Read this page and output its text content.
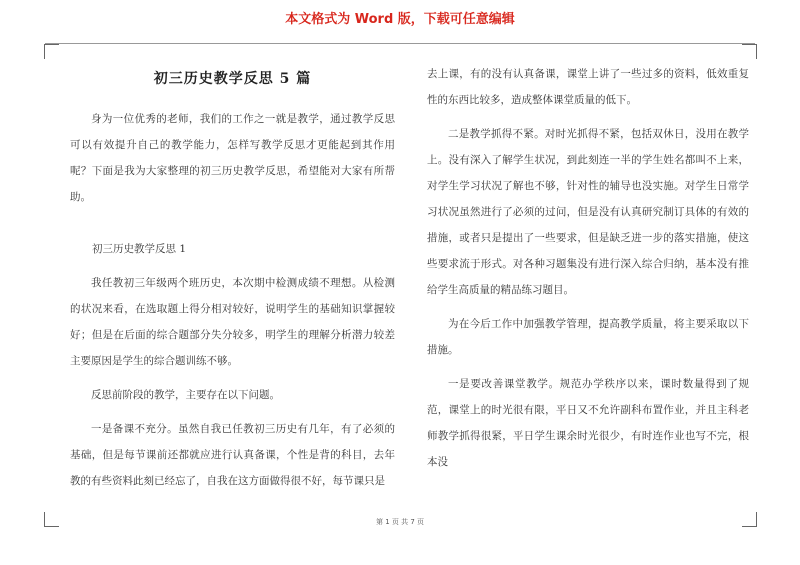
本文格式为 Word 版，下载可任意编辑
初三历史教学反思 5 篇

身为一位优秀的老师，我们的工作之一就是教学，通过教学反思可以有效提升自己的教学能力，怎样写教学反思才更能起到其作用呢？下面是我为大家整理的初三历史教学反思，希望能对大家有所帮助。

初三历史教学反思 1

我任教初三年级两个班历史，本次期中检测成绩不理想。从检测的状况来看，在选取题上得分相对较好，说明学生的基础知识掌握较好；但是在后面的综合题部分失分较多，明学生的理解分析潜力较差主要原因是学生的综合题训练不够。

反思前阶段的教学，主要存在以下问题。

一是备课不充分。虽然自我已任教初三历史有几年，有了必须的基础，但是每节课前还都就应进行认真备课，个性是背的科目，去年教的有些资料此刻已经忘了，自我在这方面做得很不好，每节课只是

去上课，有的没有认真备课，课堂上讲了一些过多的资料，低效重复性的东西比较多，造成整体课堂质量的低下。

二是教学抓得不紧。对时光抓得不紧，包括双休日，没用在教学上。没有深入了解学生状况，到此刻连一半的学生姓名都叫不上来，对学生学习状况了解也不够，针对性的辅导也没实施。对学生日常学习状况虽然进行了必须的过问，但是没有认真研究制订具体的有效的措施，或者只是提出了一些要求，但是缺乏进一步的落实措施，使这些要求流于形式。对各种习题集没有进行深入综合归纳，基本没有推给学生高质量的精品练习题目。

为在今后工作中加强教学管理，提高教学质量，将主要采取以下措施。

一是要改善课堂教学。规范办学秩序以来，课时数量得到了规范，课堂上的时光很有限，平日又不允许副科布置作业，并且主科老师教学抓得很紧，平日学生课余时光很少，有时连作业也写不完，根本没

第 1 页 共 7 页
